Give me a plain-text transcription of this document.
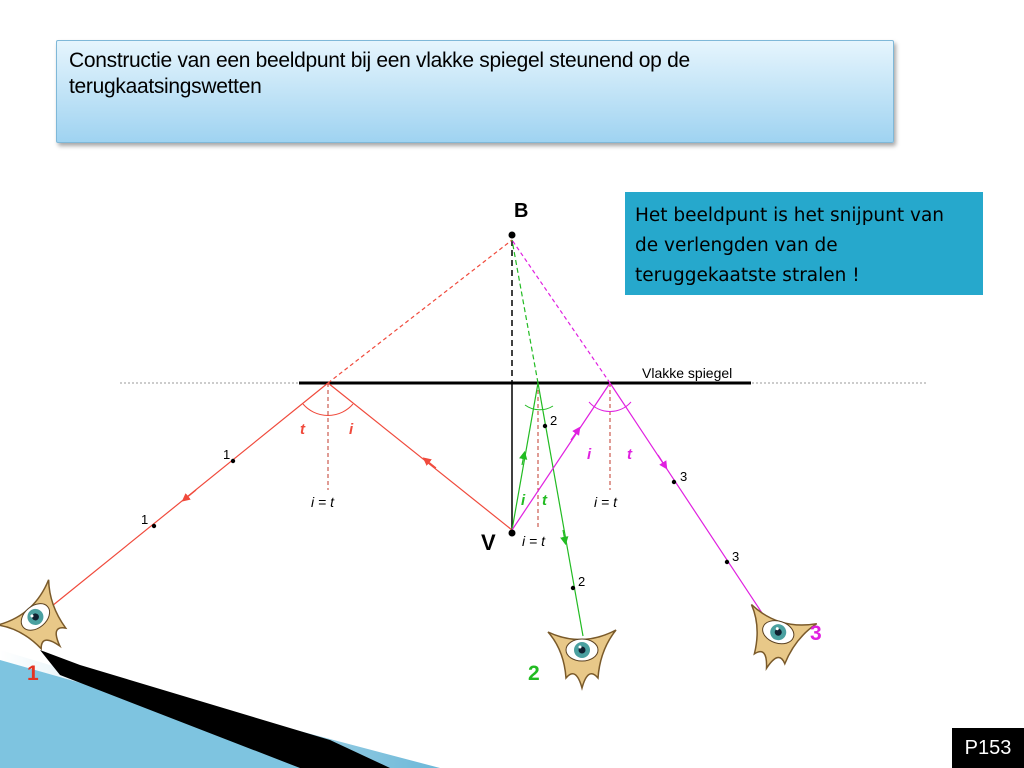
Constructie van een beeldpunt bij een vlakke spiegel steunend op de terugkaatsingswetten
Het beeldpunt is het snijpunt van de verlengden van de teruggekaatste stralen !
B
V
Vlakke spiegel
t	i
i t
i t
i = t
i = t
i = t
1
1
2
2
3
3
1	2
3
P153
